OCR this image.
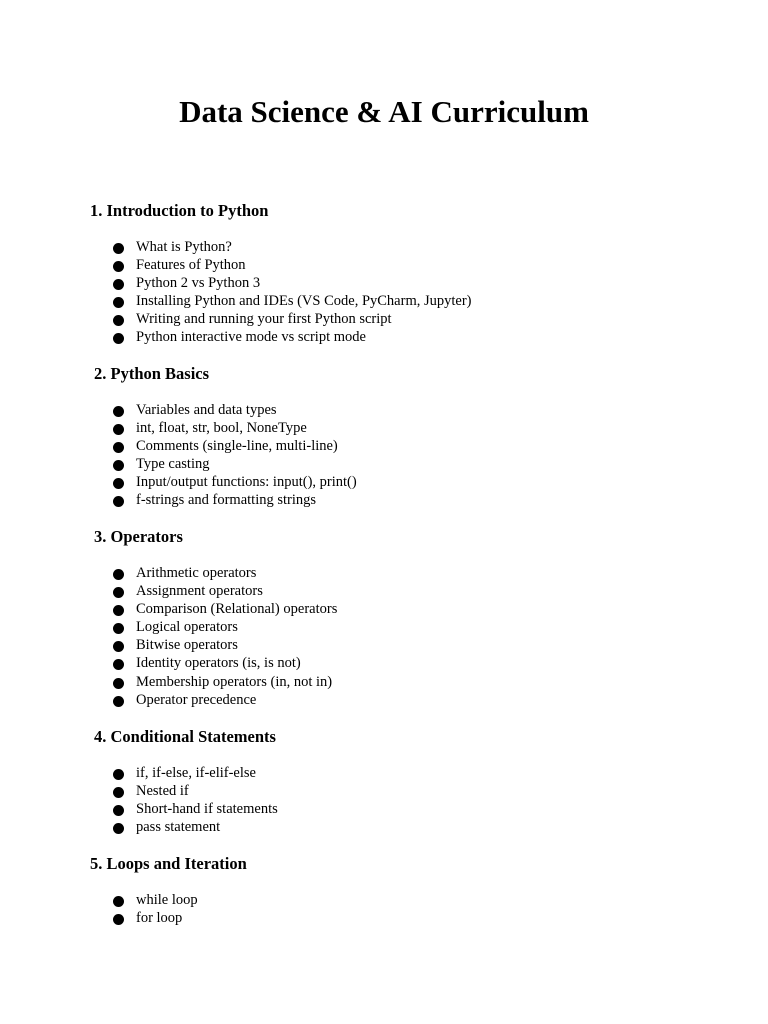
Data Science & AI Curriculum
1. Introduction to Python
What is Python?
Features of Python
Python 2 vs Python 3
Installing Python and IDEs (VS Code, PyCharm, Jupyter)
Writing and running your first Python script
Python interactive mode vs script mode
2. Python Basics
Variables and data types
int, float, str, bool, NoneType
Comments (single-line, multi-line)
Type casting
Input/output functions: input(), print()
f-strings and formatting strings
3. Operators
Arithmetic operators
Assignment operators
Comparison (Relational) operators
Logical operators
Bitwise operators
Identity operators (is, is not)
Membership operators (in, not in)
Operator precedence
4. Conditional Statements
if, if-else, if-elif-else
Nested if
Short-hand if statements
pass statement
5. Loops and Iteration
while loop
for loop
